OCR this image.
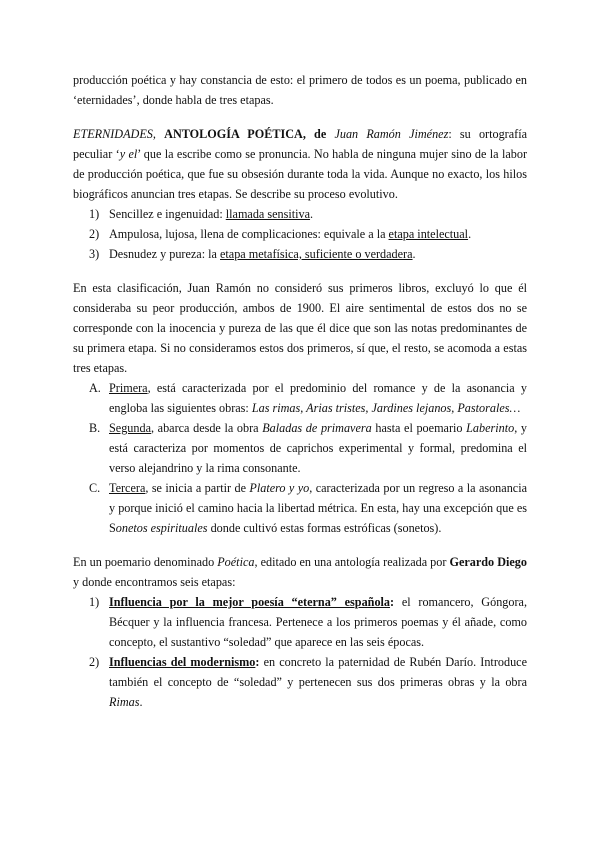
producción poética y hay constancia de esto: el primero de todos es un poema, publicado en ‘eternidades’, donde habla de tres etapas.

ETERNIDADES, ANTOLOGÍA POÉTICA, de Juan Ramón Jiménez: su ortografía peculiar ‘y el’ que la escribe como se pronuncia. No habla de ninguna mujer sino de la labor de producción poética, que fue su obsesión durante toda la vida. Aunque no exacto, los hilos biográficos anuncian tres etapas. Se describe su proceso evolutivo.

1) Sencillez e ingenuidad: llamada sensitiva.
2) Ampulosa, lujosa, llena de complicaciones: equivale a la etapa intelectual.
3) Desnudez y pureza: la etapa metafísica, suficiente o verdadera.

En esta clasificación, Juan Ramón no consideró sus primeros libros, excluyó lo que él consideraba su peor producción, ambos de 1900. El aire sentimental de estos dos no se corresponde con la inocencia y pureza de las que él dice que son las notas predominantes de su primera etapa. Si no consideramos estos dos primeros, sí que, el resto, se acomoda a estas tres etapas.

A. Primera, está caracterizada por el predominio del romance y de la asonancia y engloba las siguientes obras: Las rimas, Arias tristes, Jardines lejanos, Pastorales…
B. Segunda, abarca desde la obra Baladas de primavera hasta el poemario Laberinto, y está caracteriza por momentos de caprichos experimental y formal, predomina el verso alejandrino y la rima consonante.
C. Tercera, se inicia a partir de Platero y yo, caracterizada por un regreso a la asonancia y porque inició el camino hacia la libertad métrica. En esta, hay una excepción que es Sonetos espirituales donde cultivó estas formas estróficas (sonetos).

En un poemario denominado Poética, editado en una antología realizada por Gerardo Diego y donde encontramos seis etapas:

1) Influencia por la mejor poesía “eterna” española: el romancero, Góngora, Bécquer y la influencia francesa. Pertenece a los primeros poemas y él añade, como concepto, el sustantivo “soledad” que aparece en las seis épocas.
2) Influencias del modernismo: en concreto la paternidad de Rubén Darío. Introduce también el concepto de “soledad” y pertenecen sus dos primeras obras y la obra Rimas.
